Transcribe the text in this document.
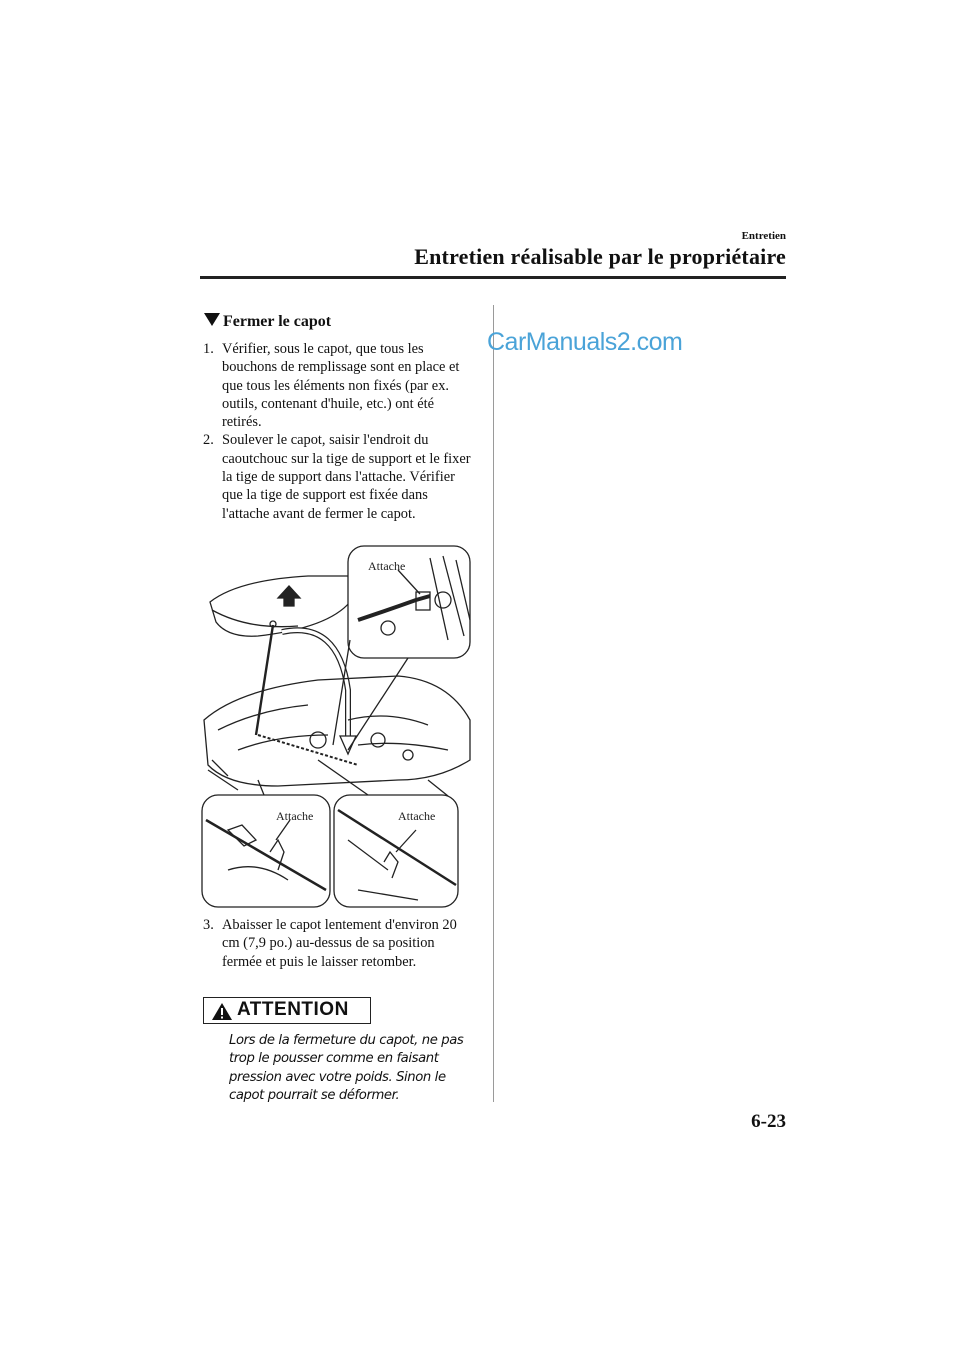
Entretien
Entretien réalisable par le propriétaire
Fermer le capot
1. Vérifier, sous le capot, que tous les bouchons de remplissage sont en place et que tous les éléments non fixés (par ex. outils, contenant d'huile, etc.) ont été retirés.
2. Soulever le capot, saisir l'endroit du caoutchouc sur la tige de support et le fixer la tige de support dans l'attache. Vérifier que la tige de support est fixée dans l'attache avant de fermer le capot.
Attache
Attache	Attache
3. Abaisser le capot lentement d'environ 20 cm (7,9 po.) au-dessus de sa position fermée et puis le laisser retomber.
ATTENTION
Lors de la fermeture du capot, ne pas trop le pousser comme en faisant pression avec votre poids. Sinon le capot pourrait se déformer.
CarManuals2.com
6-23
